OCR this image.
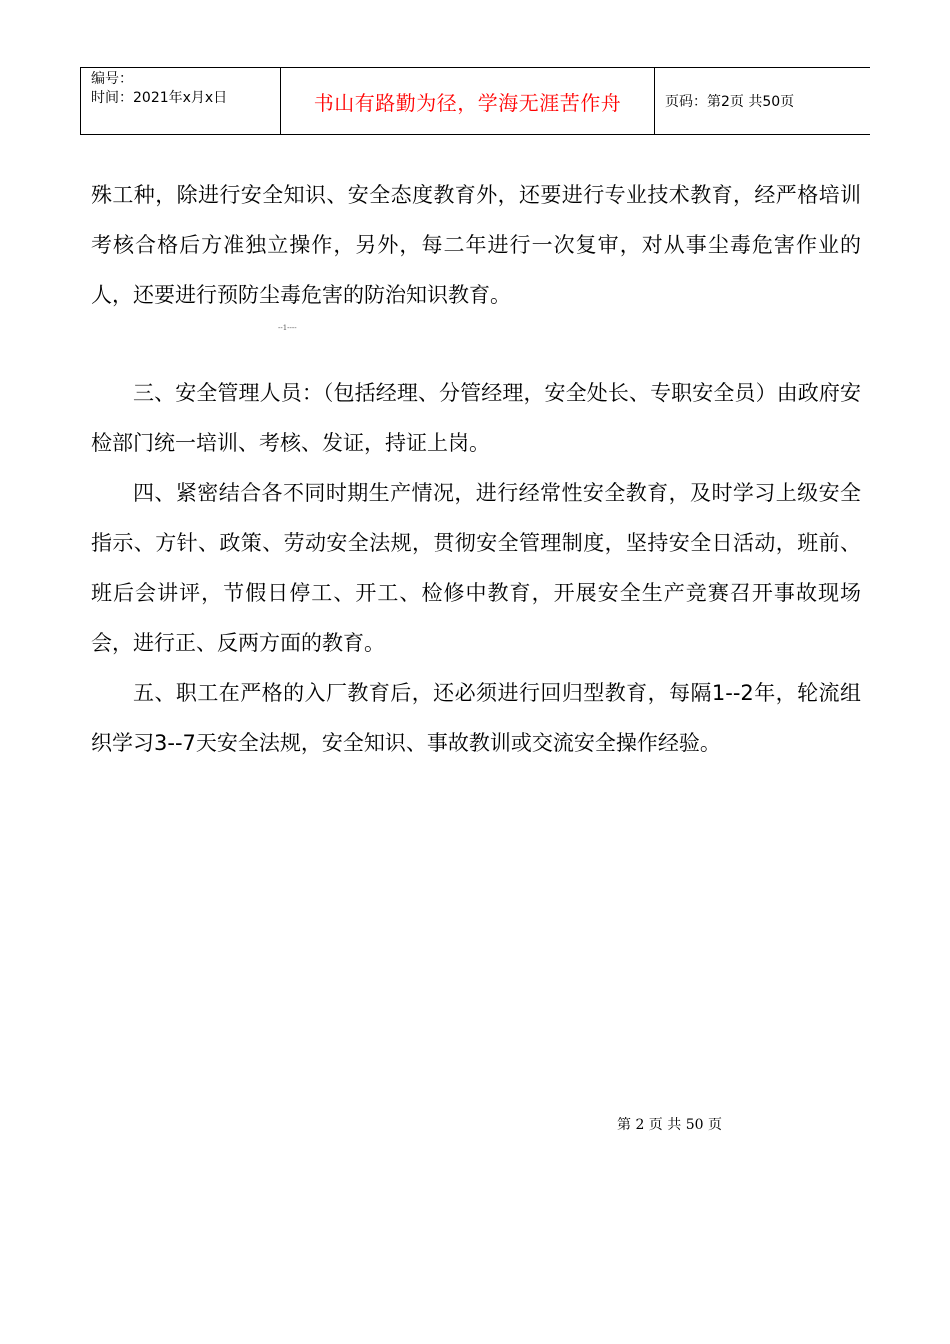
编号：
时间：2021年x月x日	书山有路勤为径，学海无涯苦作舟	页码：第2页 共50页

殊工种，除进行安全知识、安全态度教育外，还要进行专业技术教育，经严格培训考核合格后方准独立操作，另外，每二年进行一次复审，对从事尘毒危害作业的人，还要进行预防尘毒危害的防治知识教育。

三、安全管理人员：（包括经理、分管经理，安全处长、专职安全员）由政府安检部门统一培训、考核、发证，持证上岗。

四、紧密结合各不同时期生产情况，进行经常性安全教育，及时学习上级安全指示、方针、政策、劳动安全法规，贯彻安全管理制度，坚持安全日活动，班前、班后会讲评，节假日停工、开工、检修中教育，开展安全生产竞赛召开事故现场会，进行正、反两方面的教育。

五、职工在严格的入厂教育后，还必须进行回归型教育，每隔1--2年，轮流组织学习3--7天安全法规，安全知识、事故教训或交流安全操作经验。

--1----
第 2 页 共 50 页
